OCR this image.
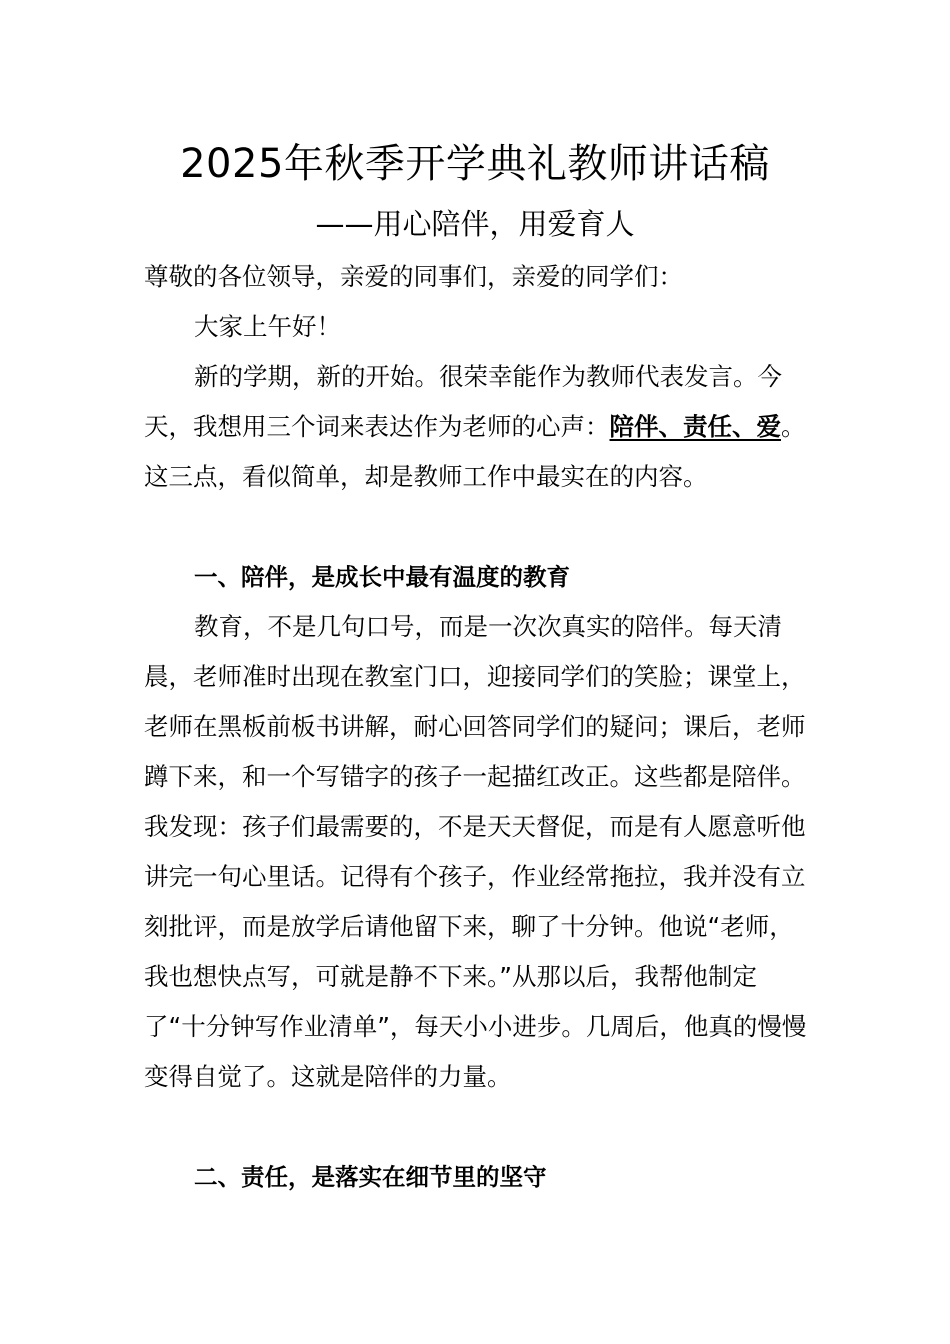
2025年秋季开学典礼教师讲话稿
——用心陪伴，用爱育人

尊敬的各位领导，亲爱的同事们，亲爱的同学们：

大家上午好！

新的学期，新的开始。很荣幸能作为教师代表发言。今天，我想用三个词来表达作为老师的心声：陪伴、责任、爱。这三点，看似简单，却是教师工作中最实在的内容。

一、陪伴，是成长中最有温度的教育

教育，不是几句口号，而是一次次真实的陪伴。每天清晨，老师准时出现在教室门口，迎接同学们的笑脸；课堂上，老师在黑板前板书讲解，耐心回答同学们的疑问；课后，老师蹲下来，和一个写错字的孩子一起描红改正。这些都是陪伴。我发现：孩子们最需要的，不是天天督促，而是有人愿意听他讲完一句心里话。记得有个孩子，作业经常拖拉，我并没有立刻批评，而是放学后请他留下来，聊了十分钟。他说“老师，我也想快点写，可就是静不下来。”从那以后，我帮他制定了“十分钟写作业清单”，每天小小进步。几周后，他真的慢慢变得自觉了。这就是陪伴的力量。

二、责任，是落实在细节里的坚守
